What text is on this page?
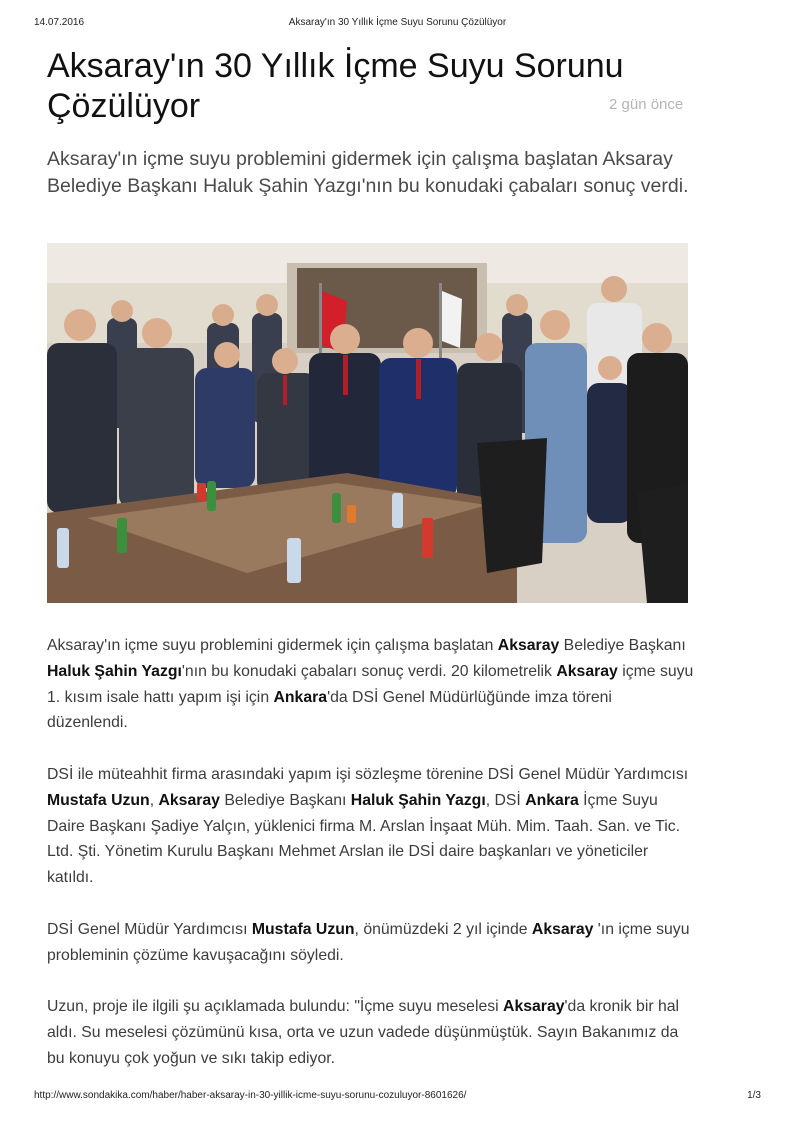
14.07.2016	Aksaray'ın 30 Yıllık İçme Suyu Sorunu Çözülüyor
Aksaray'ın 30 Yıllık İçme Suyu Sorunu Çözülüyor	2 gün önce

Aksaray'ın içme suyu problemini gidermek için çalışma başlatan Aksaray Belediye Başkanı Haluk Şahin Yazgı'nın bu konudaki çabaları sonuç verdi.

Aksaray'ın içme suyu problemini gidermek için çalışma başlatan Aksaray Belediye Başkanı Haluk Şahin Yazgı'nın bu konudaki çabaları sonuç verdi. 20 kilometrelik Aksaray içme suyu 1. kısım isale hattı yapım işi için Ankara'da DSİ Genel Müdürlüğünde imza töreni düzenlendi.

DSİ ile müteahhit firma arasındaki yapım işi sözleşme törenine DSİ Genel Müdür Yardımcısı Mustafa Uzun, Aksaray Belediye Başkanı Haluk Şahin Yazgı, DSİ Ankara İçme Suyu Daire Başkanı Şadiye Yalçın, yüklenici firma M. Arslan İnşaat Müh. Mim. Taah. San. ve Tic. Ltd. Şti. Yönetim Kurulu Başkanı Mehmet Arslan ile DSİ daire başkanları ve yöneticiler katıldı.

DSİ Genel Müdür Yardımcısı Mustafa Uzun, önümüzdeki 2 yıl içinde Aksaray 'ın içme suyu probleminin çözüme kavuşacağını söyledi.

Uzun, proje ile ilgili şu açıklamada bulundu: "İçme suyu meselesi Aksaray'da kronik bir hal aldı. Su meselesi çözümünü kısa, orta ve uzun vadede düşünmüştük. Sayın Bakanımız da bu konuyu çok yoğun ve sıkı takip ediyor.

http://www.sondakika.com/haber/haber-aksaray-in-30-yillik-icme-suyu-sorunu-cozuluyor-8601626/	1/3
